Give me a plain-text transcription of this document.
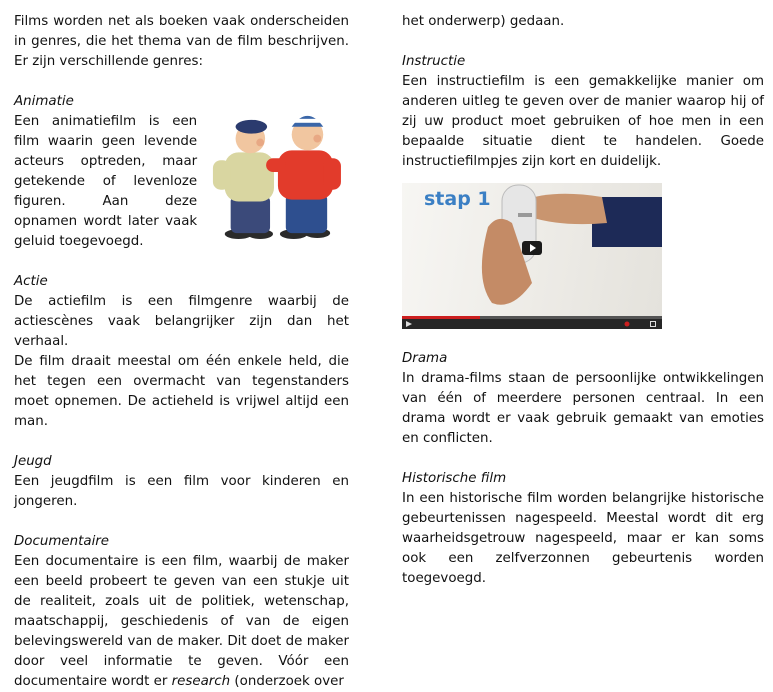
Films worden net als boeken vaak onderscheiden in genres, die het thema van de film beschrijven. Er zijn verschillende genres:

Animatie

Een animatiefilm is een film waarin geen levende acteurs optreden, maar getekende of levenloze figuren. Aan deze opnamen wordt later vaak geluid toegevoegd.

Actie

De actiefilm is een filmgenre waarbij de actiescènes vaak belangrijker zijn dan het verhaal.

De film draait meestal om één enkele held, die het tegen een overmacht van tegenstanders moet opnemen. De actieheld is vrijwel altijd een man.

Jeugd

Een jeugdfilm is een film voor kinderen en jongeren.

Documentaire

Een documentaire is een film, waarbij de maker een beeld probeert te geven van een stukje uit de realiteit, zoals uit de politiek, wetenschap, maatschappij, geschiedenis of van de eigen belevingswereld van de maker. Dit doet de maker door veel informatie te geven. Vóór een documentaire wordt er research (onderzoek over

het onderwerp) gedaan.

Instructie

Een instructiefilm is een gemakkelijke manier om anderen uitleg te geven over de manier waarop hij of zij uw product moet gebruiken of hoe men in een bepaalde situatie dient te handelen. Goede instructiefilmpjes zijn kort en duidelijk.

stap 1

Drama

In drama-films staan de persoonlijke ontwikkelingen van één of meerdere personen centraal. In een drama wordt er vaak gebruik gemaakt van emoties en conflicten.

Historische film

In een historische film worden belangrijke historische gebeurtenissen nagespeeld. Meestal wordt dit erg waarheidsgetrouw nagespeeld, maar er kan soms ook een zelfverzonnen gebeurtenis worden toegevoegd.
